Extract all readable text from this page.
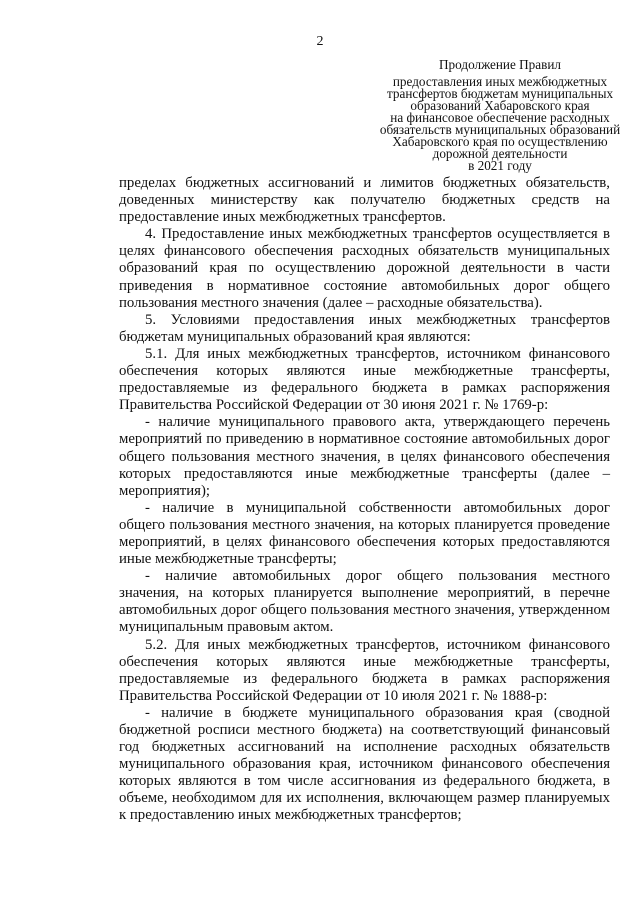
2
Продолжение Правил
предоставления иных межбюджетных
трансфертов бюджетам муниципальных
образований Хабаровского края
на финансовое обеспечение расходных
обязательств муниципальных образований
Хабаровского края по осуществлению
дорожной деятельности
в 2021 году
пределах бюджетных ассигнований и лимитов бюджетных обязательств,
доведенных министерству как получателю бюджетных средств на
предоставление иных межбюджетных трансфертов.
4. Предоставление иных межбюджетных трансфертов осуществляется в
целях финансового обеспечения расходных обязательств муниципальных
образований края по осуществлению дорожной деятельности в части
приведения в нормативное состояние автомобильных дорог общего
пользования местного значения (далее – расходные обязательства).
5. Условиями предоставления иных межбюджетных трансфертов
бюджетам муниципальных образований края являются:
5.1. Для иных межбюджетных трансфертов, источником финансового
обеспечения которых являются иные межбюджетные трансферты,
предоставляемые из федерального бюджета в рамках распоряжения
Правительства Российской Федерации от 30 июня 2021 г. № 1769-р:
- наличие муниципального правового акта, утверждающего перечень
мероприятий по приведению в нормативное состояние автомобильных дорог
общего пользования местного значения, в целях финансового обеспечения
которых предоставляются иные межбюджетные трансферты (далее –
мероприятия);
- наличие в муниципальной собственности автомобильных дорог
общего пользования местного значения, на которых планируется проведение
мероприятий, в целях финансового обеспечения которых предоставляются
иные межбюджетные трансферты;
- наличие автомобильных дорог общего пользования местного
значения, на которых планируется выполнение мероприятий, в перечне
автомобильных дорог общего пользования местного значения, утвержденном
муниципальным правовым актом.
5.2. Для иных межбюджетных трансфертов, источником финансового
обеспечения которых являются иные межбюджетные трансферты,
предоставляемые из федерального бюджета в рамках распоряжения
Правительства Российской Федерации от 10 июля 2021 г. № 1888-р:
- наличие в бюджете муниципального образования края (сводной
бюджетной росписи местного бюджета) на соответствующий финансовый
год бюджетных ассигнований на исполнение расходных обязательств
муниципального образования края, источником финансового обеспечения
которых являются в том числе ассигнования из федерального бюджета, в
объеме, необходимом для их исполнения, включающем размер планируемых
к предоставлению иных межбюджетных трансфертов;
